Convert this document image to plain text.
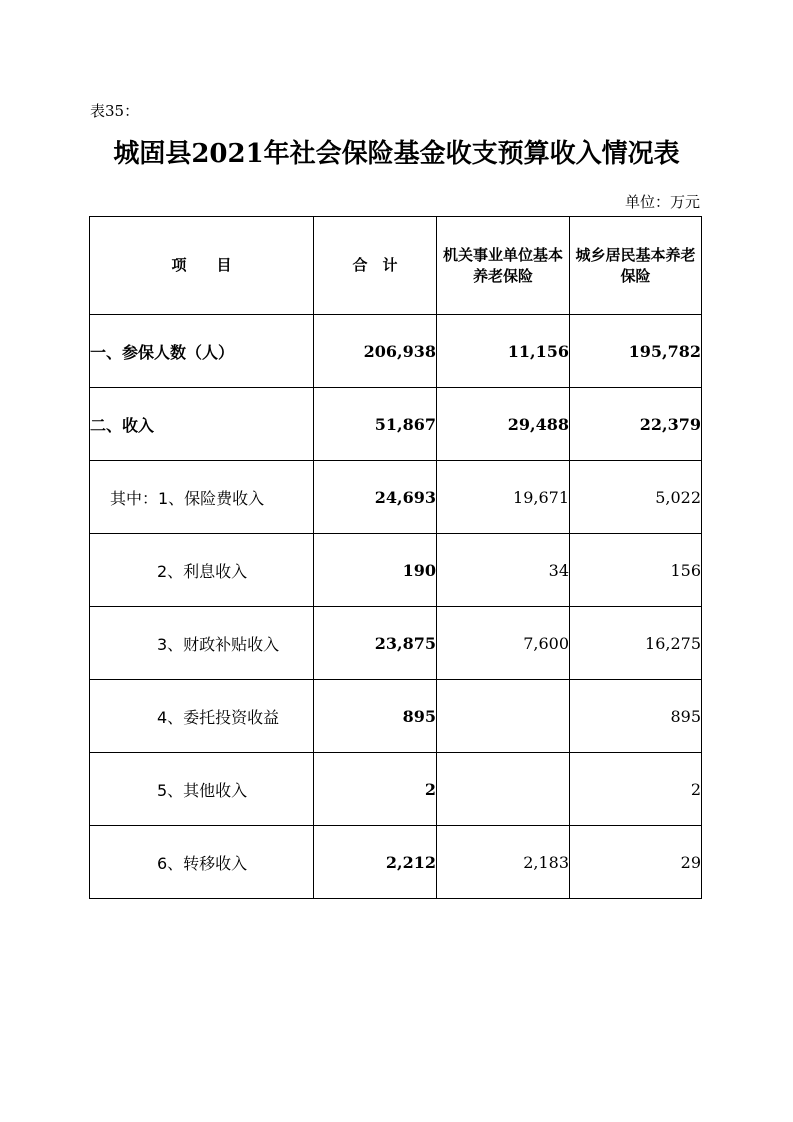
表35：
城固县2021年社会保险基金收支预算收入情况表
单位：万元
项　　目	合　计	机关事业单位基本养老保险	城乡居民基本养老保险
一、参保人数（人）	206,938	11,156	195,782
二、收入	51,867	29,488	22,379
其中：1、保险费收入	24,693	19,671	5,022
2、利息收入	190	34	156
3、财政补贴收入	23,875	7,600	16,275
4、委托投资收益	895		895
5、其他收入	2		2
6、转移收入	2,212	2,183	29
